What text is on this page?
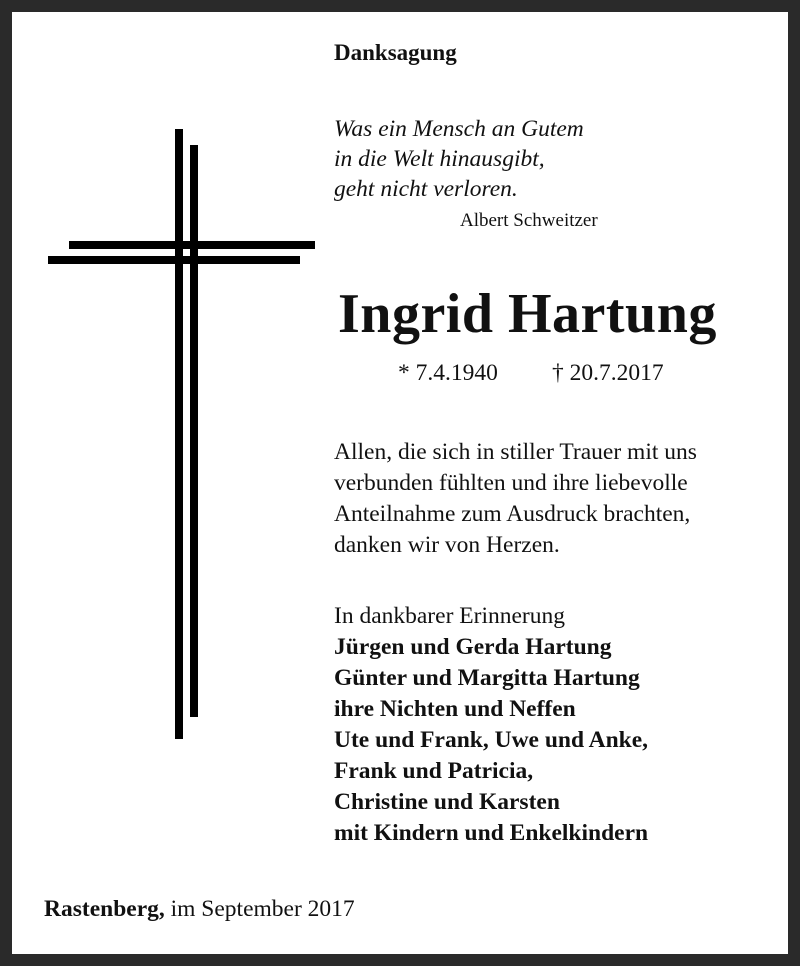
Danksagung

Was ein Mensch an Gutem
in die Welt hinausgibt,
geht nicht verloren.

Albert Schweitzer

Ingrid Hartung

* 7.4.1940 † 20.7.2017

Allen, die sich in stiller Trauer mit uns
verbunden fühlten und ihre liebevolle
Anteilnahme zum Ausdruck brachten,
danken wir von Herzen.

In dankbarer Erinnerung

Jürgen und Gerda Hartung
Günter und Margitta Hartung
ihre Nichten und Neffen
Ute und Frank, Uwe und Anke,
Frank und Patricia,
Christine und Karsten
mit Kindern und Enkelkindern

Rastenberg, im September 2017
